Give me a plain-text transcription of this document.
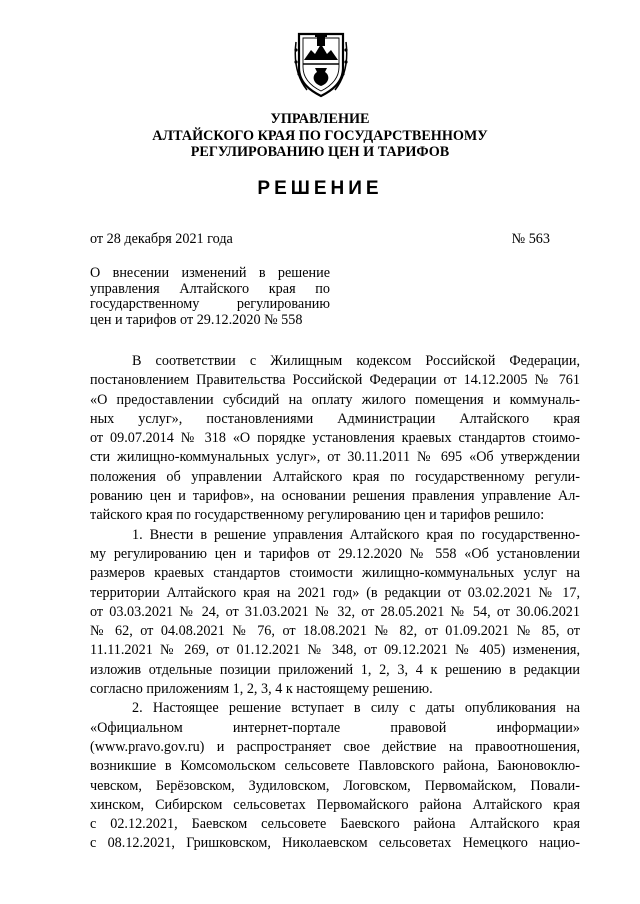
УПРАВЛЕНИЕ
АЛТАЙСКОГО КРАЯ ПО ГОСУДАРСТВЕННОМУ
РЕГУЛИРОВАНИЮ ЦЕН И ТАРИФОВ
РЕШЕНИЕ
от 28 декабря 2021 года	№ 563
О внесении изменений в решение
управления Алтайского края по
государственному регулированию
цен и тарифов от 29.12.2020 № 558
В соответствии с Жилищным кодексом Российской Федерации,
постановлением Правительства Российской Федерации от 14.12.2005 № 761
«О предоставлении субсидий на оплату жилого помещения и коммуналь-
ных услуг», постановлениями Администрации Алтайского края
от 09.07.2014 № 318 «О порядке установления краевых стандартов стоимо-
сти жилищно-коммунальных услуг», от 30.11.2011 № 695 «Об утверждении
положения об управлении Алтайского края по государственному регули-
рованию цен и тарифов», на основании решения правления управление Ал-
тайского края по государственному регулированию цен и тарифов решило:
1. Внести в решение управления Алтайского края по государственно-
му регулированию цен и тарифов от 29.12.2020 № 558 «Об установлении
размеров краевых стандартов стоимости жилищно-коммунальных услуг на
территории Алтайского края на 2021 год» (в редакции от 03.02.2021 № 17,
от 03.03.2021 № 24, от 31.03.2021 № 32, от 28.05.2021 № 54, от 30.06.2021
№ 62, от 04.08.2021 № 76, от 18.08.2021 № 82, от 01.09.2021 № 85, от
11.11.2021 № 269, от 01.12.2021 № 348, от 09.12.2021 № 405) изменения,
изложив отдельные позиции приложений 1, 2, 3, 4 к решению в редакции
согласно приложениям 1, 2, 3, 4 к настоящему решению.
2. Настоящее решение вступает в силу с даты опубликования на
«Официальном интернет-портале правовой информации»
(www.pravo.gov.ru) и распространяет свое действие на правоотношения,
возникшие в Комсомольском сельсовете Павловского района, Баюновоклю-
чевском, Берёзовском, Зудиловском, Логовском, Первомайском, Повали-
хинском, Сибирском сельсоветах Первомайского района Алтайского края
с 02.12.2021, Баевском сельсовете Баевского района Алтайского края
с 08.12.2021, Гришковском, Николаевском сельсоветах Немецкого нацио-
